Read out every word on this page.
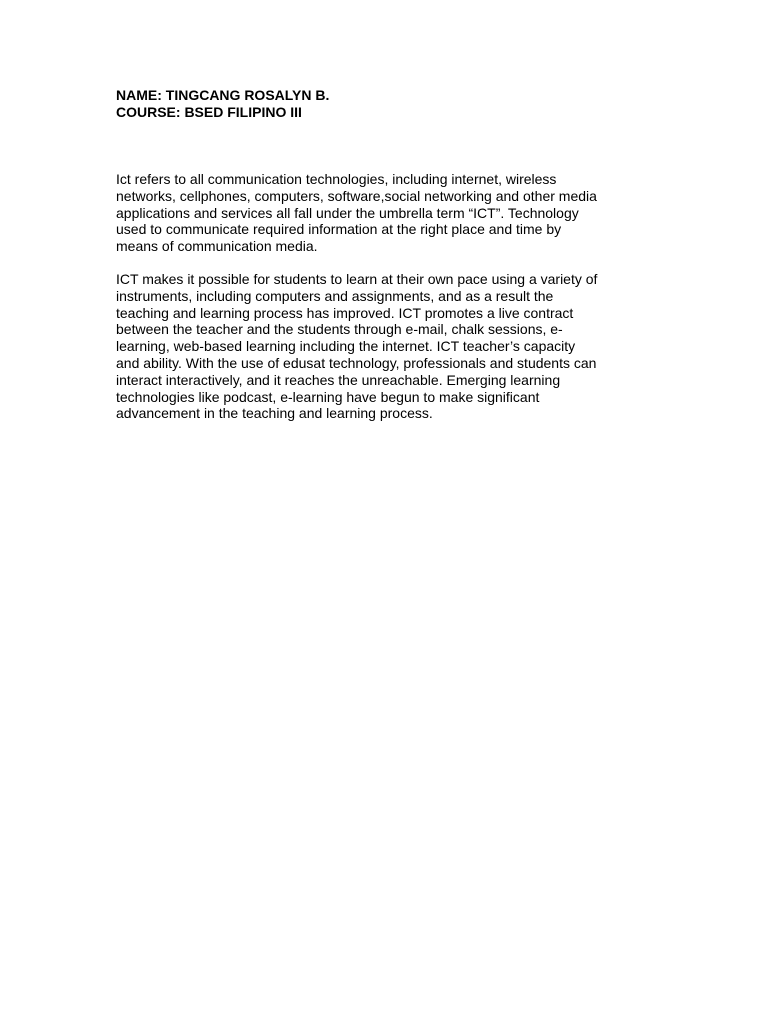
NAME: TINGCANG ROSALYN B.

COURSE: BSED FILIPINO III

Ict refers to all communication technologies, including internet, wireless
networks, cellphones, computers, software,social networking and other media
applications and services all fall under the umbrella term “ICT”. Technology
used to communicate required information at the right place and time by
means of communication media.

ICT makes it possible for students to learn at their own pace using a variety of
instruments, including computers and assignments, and as a result the
teaching and learning process has improved. ICT promotes a live contract
between the teacher and the students through e-mail, chalk sessions, e-
learning, web-based learning including the internet. ICT teacher’s capacity
and ability. With the use of edusat technology, professionals and students can
interact interactively, and it reaches the unreachable. Emerging learning
technologies like podcast, e-learning have begun to make significant
advancement in the teaching and learning process.
